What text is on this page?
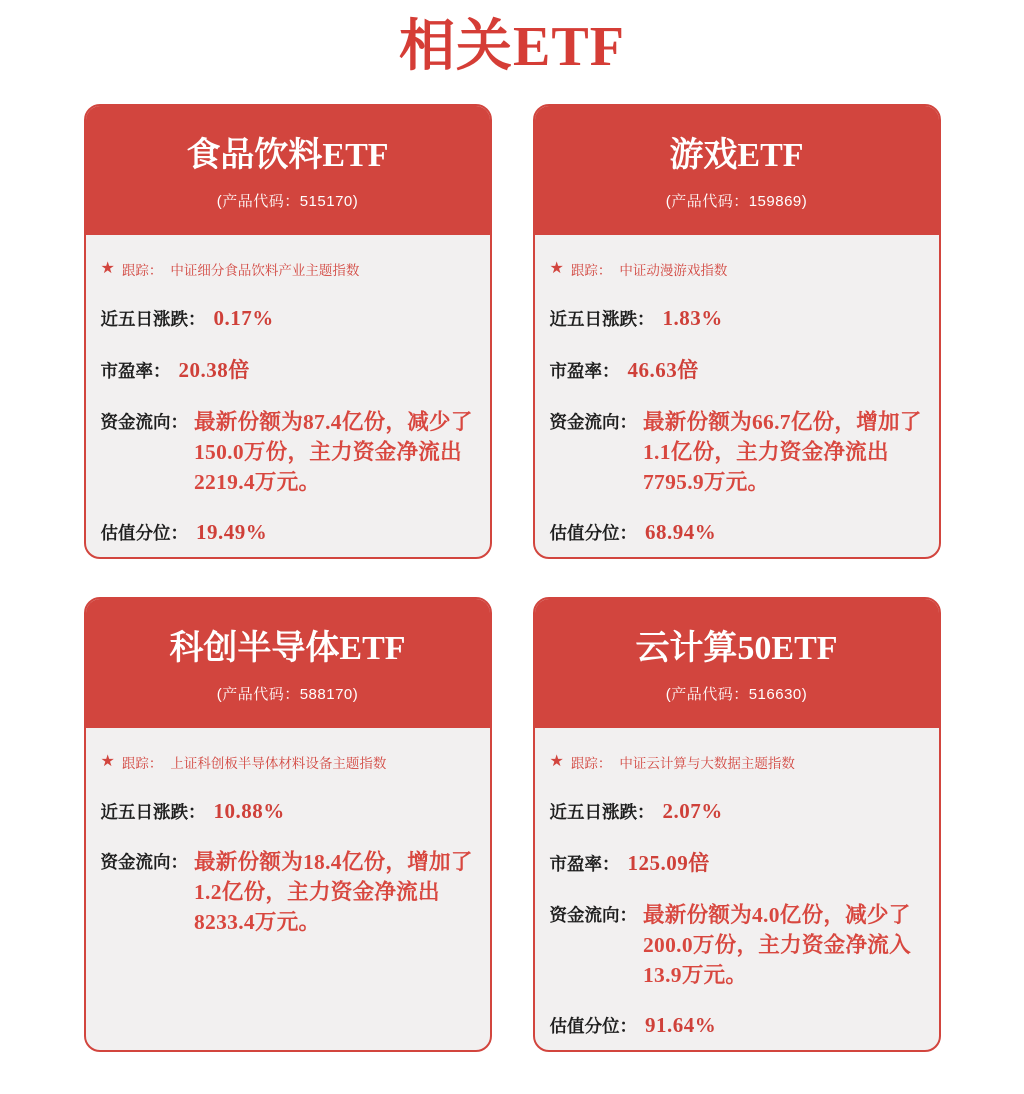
相关ETF
食品饮料ETF
(产品代码：515170)
★ 跟踪： 中证细分食品饮料产业主题指数
近五日涨跌： 0.17%
市盈率： 20.38倍
资金流向： 最新份额为87.4亿份，减少了150.0万份，主力资金净流出2219.4万元。
估值分位： 19.49%
游戏ETF
(产品代码：159869)
★ 跟踪： 中证动漫游戏指数
近五日涨跌： 1.83%
市盈率： 46.63倍
资金流向： 最新份额为66.7亿份，增加了1.1亿份，主力资金净流出7795.9万元。
估值分位： 68.94%
科创半导体ETF
(产品代码：588170)
★ 跟踪： 上证科创板半导体材料设备主题指数
近五日涨跌： 10.88%
资金流向： 最新份额为18.4亿份，增加了1.2亿份，主力资金净流出8233.4万元。
云计算50ETF
(产品代码：516630)
★ 跟踪： 中证云计算与大数据主题指数
近五日涨跌： 2.07%
市盈率： 125.09倍
资金流向： 最新份额为4.0亿份，减少了200.0万份，主力资金净流入13.9万元。
估值分位： 91.64%
